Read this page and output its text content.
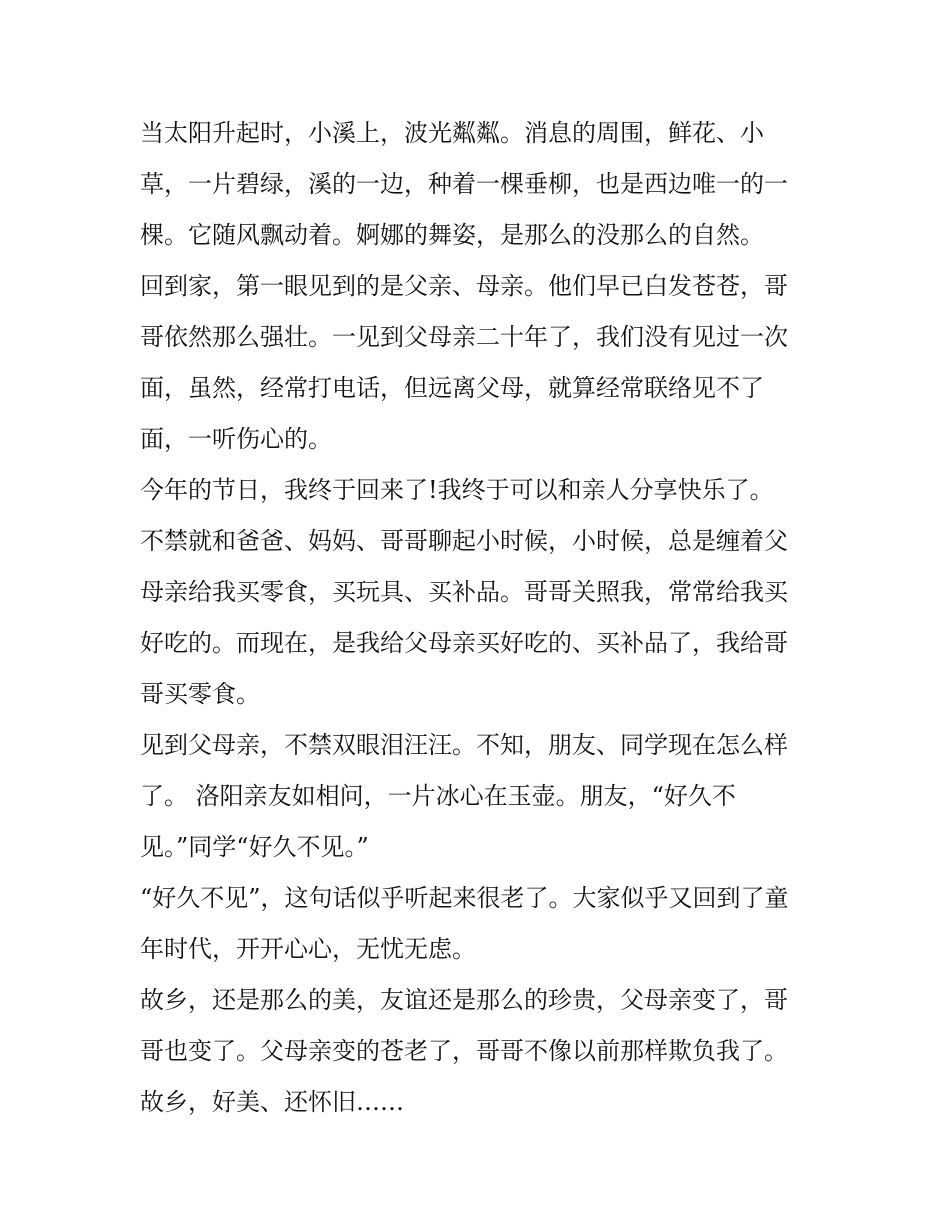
当太阳升起时，小溪上，波光粼粼。消息的周围，鲜花、小
草，一片碧绿，溪的一边，种着一棵垂柳，也是西边唯一的一
棵。它随风飘动着。婀娜的舞姿，是那么的没那么的自然。
回到家，第一眼见到的是父亲、母亲。他们早已白发苍苍，哥
哥依然那么强壮。一见到父母亲二十年了，我们没有见过一次
面，虽然，经常打电话，但远离父母，就算经常联络见不了
面，一听伤心的。
今年的节日，我终于回来了!我终于可以和亲人分享快乐了。
不禁就和爸爸、妈妈、哥哥聊起小时候，小时候，总是缠着父
母亲给我买零食，买玩具、买补品。哥哥关照我，常常给我买
好吃的。而现在，是我给父母亲买好吃的、买补品了，我给哥
哥买零食。
见到父母亲，不禁双眼泪汪汪。不知，朋友、同学现在怎么样
了。 洛阳亲友如相问，一片冰心在玉壶。朋友，“好久不
见。”同学“好久不见。”
“好久不见”，这句话似乎听起来很老了。大家似乎又回到了童
年时代，开开心心，无忧无虑。
故乡，还是那么的美，友谊还是那么的珍贵，父母亲变了，哥
哥也变了。父母亲变的苍老了，哥哥不像以前那样欺负我了。
故乡，好美、还怀旧……
